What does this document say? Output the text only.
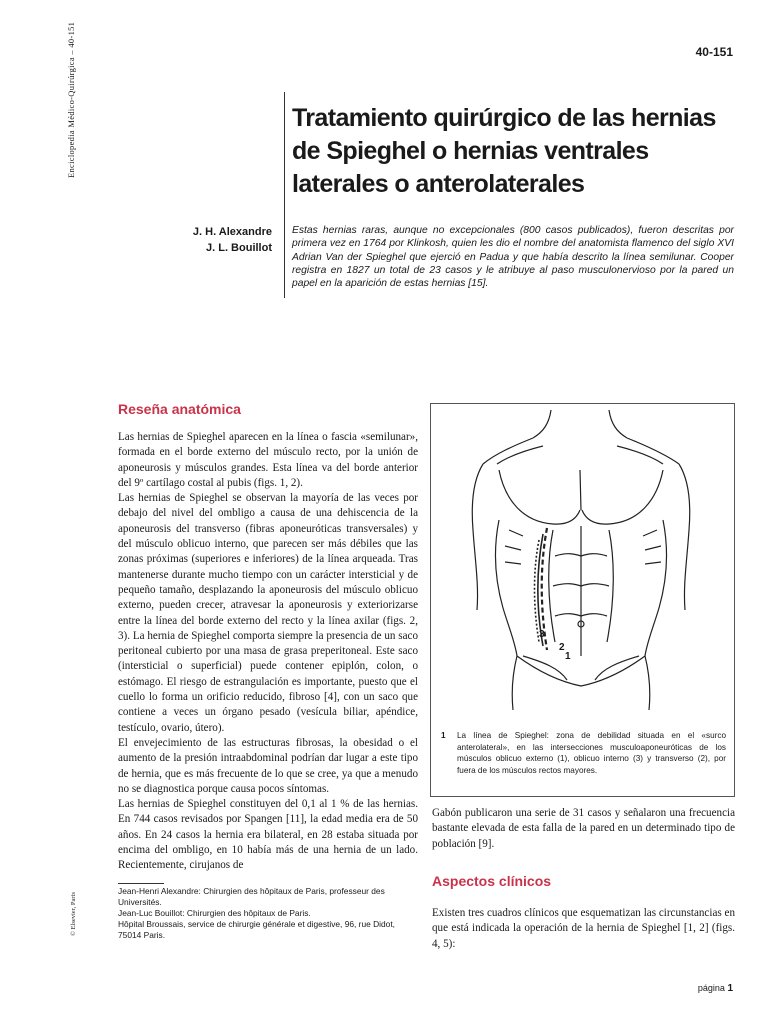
Enciclopedia Médico-Quirúrgica – 40-151
© Elsevier, Paris
40-151
Tratamiento quirúrgico de las hernias de Spieghel o hernias ventrales laterales o anterolaterales
J. H. Alexandre
J. L. Bouillot

Estas hernias raras, aunque no excepcionales (800 casos publicados), fueron descritas por primera vez en 1764 por Klinkosh, quien les dio el nombre del anatomista flamenco del siglo XVI Adrian Van der Spieghel que ejerció en Padua y que había descrito la línea semilunar. Cooper registra en 1827 un total de 23 casos y le atribuye al paso musculonervioso por la pared un papel en la aparición de estas hernias [15].

Reseña anatómica

Las hernias de Spieghel aparecen en la línea o fascia «semilunar», formada en el borde externo del músculo recto, por la unión de aponeurosis y músculos grandes. Esta línea va del borde anterior del 9º cartílago costal al pubis (figs. 1, 2).

Las hernias de Spieghel se observan la mayoría de las veces por debajo del nivel del ombligo a causa de una dehiscencia de la aponeurosis del transverso (fibras aponeuróticas transversales) y del músculo oblicuo interno, que parecen ser más débiles que las zonas próximas (superiores e inferiores) de la línea arqueada. Tras mantenerse durante mucho tiempo con un carácter intersticial y de pequeño tamaño, desplazando la aponeurosis del músculo oblicuo externo, pueden crecer, atravesar la aponeurosis y exteriorizarse entre la línea del borde externo del recto y la línea axilar (figs. 2, 3). La hernia de Spieghel comporta siempre la presencia de un saco peritoneal cubierto por una masa de grasa preperitoneal. Este saco (intersticial o superficial) puede contener epiplón, colon, o estómago. El riesgo de estrangulación es importante, puesto que el cuello lo forma un orificio reducido, fibroso [4], con un saco que contiene a veces un órgano pesado (vesícula biliar, apéndice, testículo, ovario, útero).

El envejecimiento de las estructuras fibrosas, la obesidad o el aumento de la presión intraabdominal podrían dar lugar a este tipo de hernia, que es más frecuente de lo que se cree, ya que a menudo no se diagnostica porque causa pocos síntomas.

Las hernias de Spieghel constituyen del 0,1 al 1 % de las hernias. En 744 casos revisados por Spangen [11], la edad media era de 50 años. En 24 casos la hernia era bilateral, en 28 estaba situada por encima del ombligo, en 10 había más de una hernia de un lado. Recientemente, cirujanos de

3
2
1
1 La línea de Spieghel: zona de debilidad situada en el «surco anterolateral», en las intersecciones musculoaponeuróticas de los músculos oblicuo externo (1), oblicuo interno (3) y transverso (2), por fuera de los músculos rectos mayores.

Gabón publicaron una serie de 31 casos y señalaron una frecuencia bastante elevada de esta falla de la pared en un determinado tipo de población [9].

Aspectos clínicos

Existen tres cuadros clínicos que esquematizan las circunstancias en que está indicada la operación de la hernia de Spieghel [1, 2] (figs. 4, 5):

Jean-Henri Alexandre: Chirurgien des hôpitaux de Paris, professeur des Universités.

Jean-Luc Bouillot: Chirurgien des hôpitaux de Paris.

Hôpital Broussais, service de chirurgie générale et digestive, 96, rue Didot, 75014 Paris.

página 1
